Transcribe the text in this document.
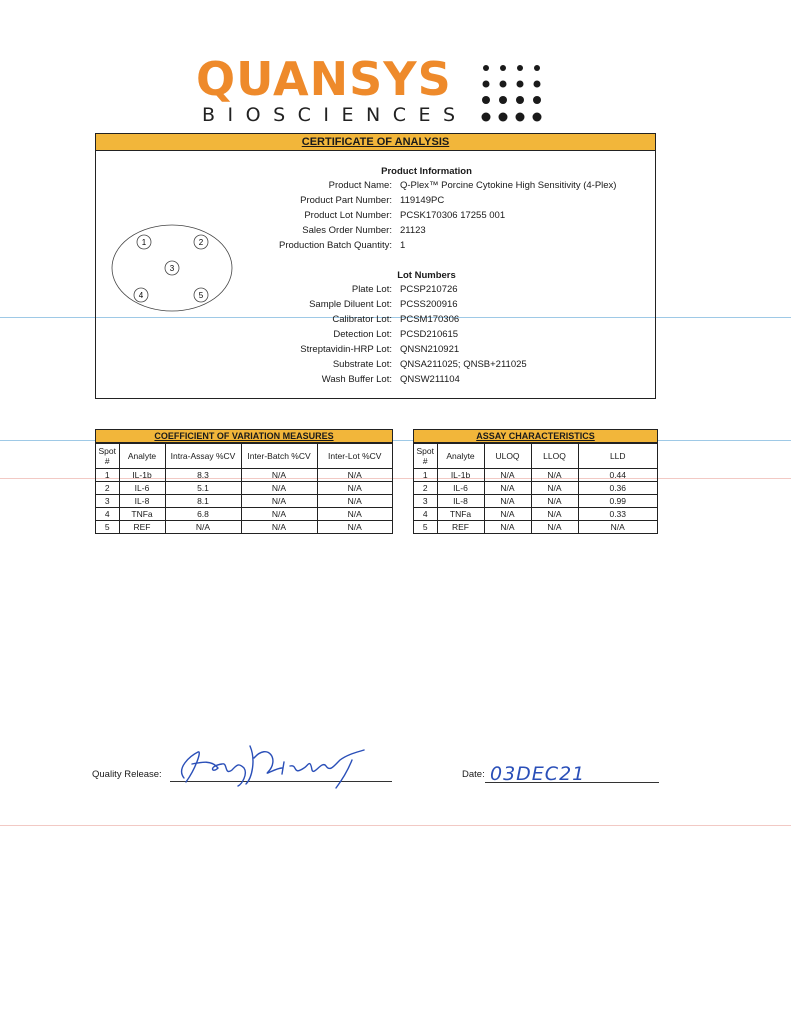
QUANSYS
BIOSCIENCES
CERTIFICATE OF ANALYSIS
Product Information
Product Name: Q-Plex™ Porcine Cytokine High Sensitivity (4-Plex)
Product Part Number: 119149PC
Product Lot Number: PCSK170306 17255 001
Sales Order Number: 21123
Production Batch Quantity: 1
Lot Numbers
Plate Lot: PCSP210726
Sample Diluent Lot: PCSS200916
Calibrator Lot: PCSM170306
Detection Lot: PCSD210615
Streptavidin-HRP Lot: QNSN210921
Substrate Lot: QNSA211025; QNSB+211025
Wash Buffer Lot: QNSW211104
1	2
3
4	5
COEFFICIENT OF VARIATION MEASURES
Spot #	Analyte	Intra-Assay %CV	Inter-Batch %CV	Inter-Lot %CV
1	IL-1b	8.3	N/A	N/A
2	IL-6	5.1	N/A	N/A
3	IL-8	8.1	N/A	N/A
4	TNFa	6.8	N/A	N/A
5	REF	N/A	N/A	N/A
ASSAY CHARACTERISTICS
Spot #	Analyte	ULOQ	LLOQ	LLD
1	IL-1b	N/A	N/A	0.44
2	IL-6	N/A	N/A	0.36
3	IL-8	N/A	N/A	0.99
4	TNFa	N/A	N/A	0.33
5	REF	N/A	N/A	N/A
Quality Release:	Date: 03DEC21
